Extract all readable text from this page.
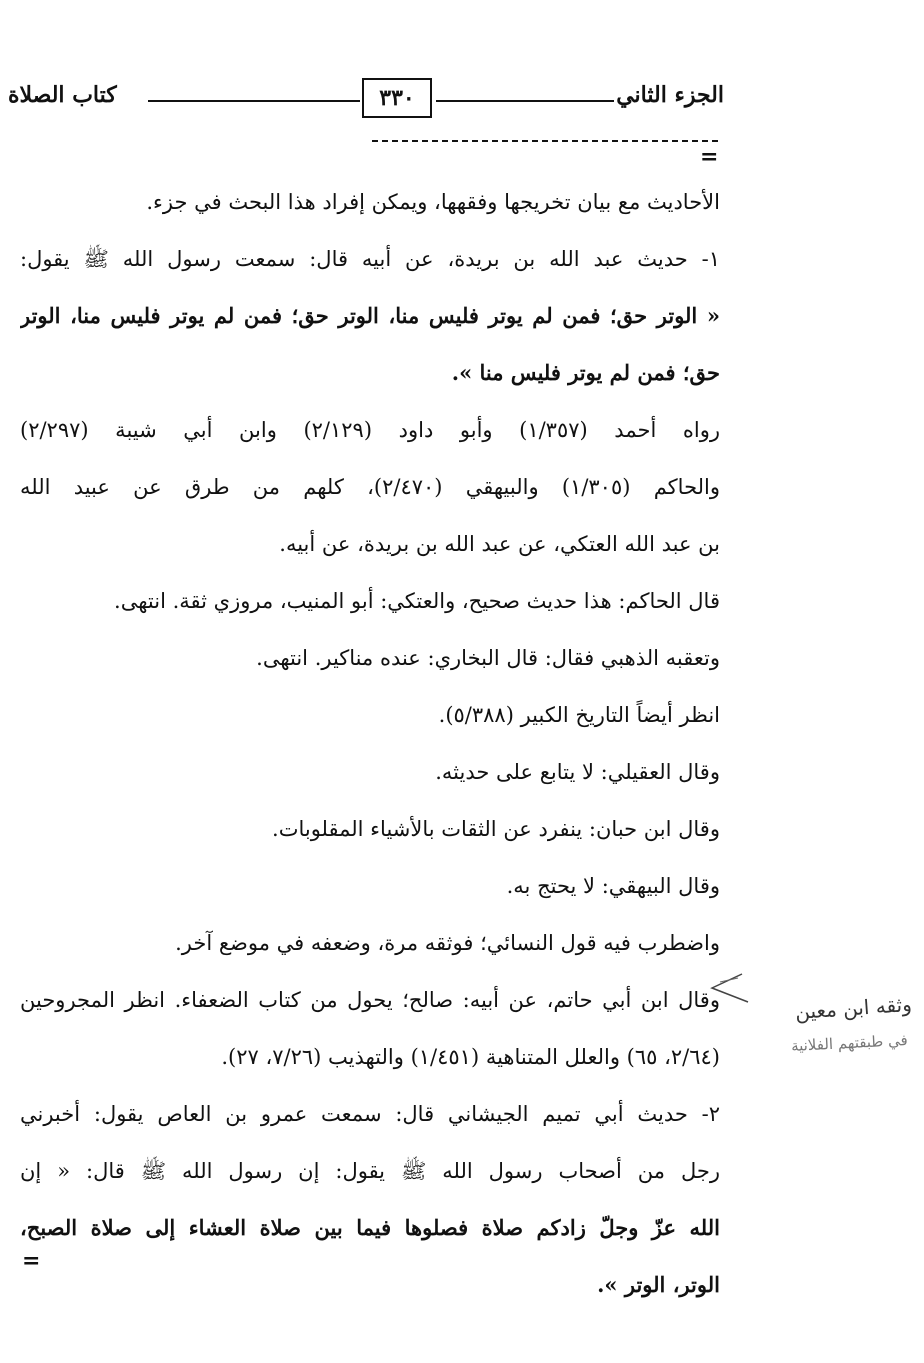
الجزء الثاني
٣٣٠
كتاب الصلاة
=
الأحاديث مع بيان تخريجها وفقهها، ويمكن إفراد هذا البحث في جزء.
١- حديث عبد الله بن بريدة، عن أبيه قال: سمعت رسول الله ﷺ يقول:
« الوتر حق؛ فمن لم يوتر فليس منا، الوتر حق؛ فمن لم يوتر فليس منا، الوتر
حق؛ فمن لم يوتر فليس منا ».
رواه أحمد (١/٣٥٧) وأبو داود (٢/١٢٩) وابن أبي شيبة (٢/٢٩٧)
والحاكم (١/٣٠٥) والبيهقي (٢/٤٧٠)، كلهم من طرق عن عبيد الله
بن عبد الله العتكي، عن عبد الله بن بريدة، عن أبيه.
قال الحاكم: هذا حديث صحيح، والعتكي: أبو المنيب، مروزي ثقة. انتهى.
وتعقبه الذهبي فقال: قال البخاري: عنده مناكير. انتهى.
انظر أيضاً التاريخ الكبير (٥/٣٨٨).
وقال العقيلي: لا يتابع على حديثه.
وقال ابن حبان: ينفرد عن الثقات بالأشياء المقلوبات.
وقال البيهقي: لا يحتج به.
واضطرب فيه قول النسائي؛ فوثقه مرة، وضعفه في موضع آخر.
وقال ابن أبي حاتم، عن أبيه: صالح؛ يحول من كتاب الضعفاء. انظر المجروحين
(٢/٦٤، ٦٥) والعلل المتناهية (١/٤٥١) والتهذيب (٧/٢٦، ٢٧).
٢- حديث أبي تميم الجيشاني قال: سمعت عمرو بن العاص يقول: أخبرني
رجل من أصحاب رسول الله ﷺ يقول: إن رسول الله ﷺ قال: « إن
الله عزّ وجلّ زادكم صلاة فصلوها فيما بين صلاة العشاء إلى صلاة الصبح،
الوتر، الوتر ».
=
وثقه ابن معين
في طبقتهم الفلانية
